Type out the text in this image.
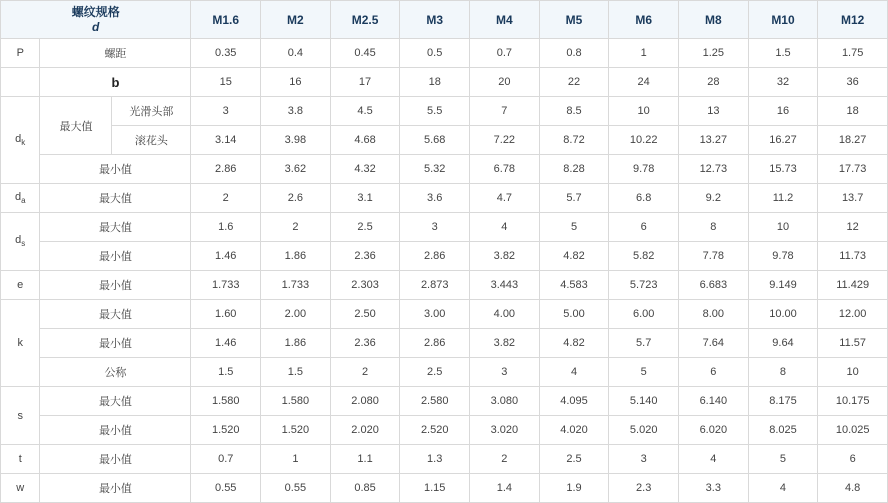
螺纹规格
d			M1.6	M2	M2.5	M3	M4	M5	M6	M8	M10	M12
P	螺距		0.35	0.4	0.45	0.5	0.7	0.8	1	1.25	1.5	1.75
	b		15	16	17	18	20	22	24	28	32	36
$d_k$	最大值	光滑头部	3	3.8	4.5	5.5	7	8.5	10	13	16	18
		滚花头	3.14	3.98	4.68	5.68	7.22	8.72	10.22	13.27	16.27	18.27
	最小值		2.86	3.62	4.32	5.32	6.78	8.28	9.78	12.73	15.73	17.73
$d_a$	最大值		2	2.6	3.1	3.6	4.7	5.7	6.8	9.2	11.2	13.7
$d_s$	最大值		1.6	2	2.5	3	4	5	6	8	10	12
	最小值		1.46	1.86	2.36	2.86	3.82	4.82	5.82	7.78	9.78	11.73
e	最小值		1.733	1.733	2.303	2.873	3.443	4.583	5.723	6.683	9.149	11.429
k	最大值		1.60	2.00	2.50	3.00	4.00	5.00	6.00	8.00	10.00	12.00
	最小值		1.46	1.86	2.36	2.86	3.82	4.82	5.7	7.64	9.64	11.57
	公称		1.5	1.5	2	2.5	3	4	5	6	8	10
s	最大值		1.580	1.580	2.080	2.580	3.080	4.095	5.140	6.140	8.175	10.175
	最小值		1.520	1.520	2.020	2.520	3.020	4.020	5.020	6.020	8.025	10.025
t	最小值		0.7	1	1.1	1.3	2	2.5	3	4	5	6
w	最小值		0.55	0.55	0.85	1.15	1.4	1.9	2.3	3.3	4	4.8
